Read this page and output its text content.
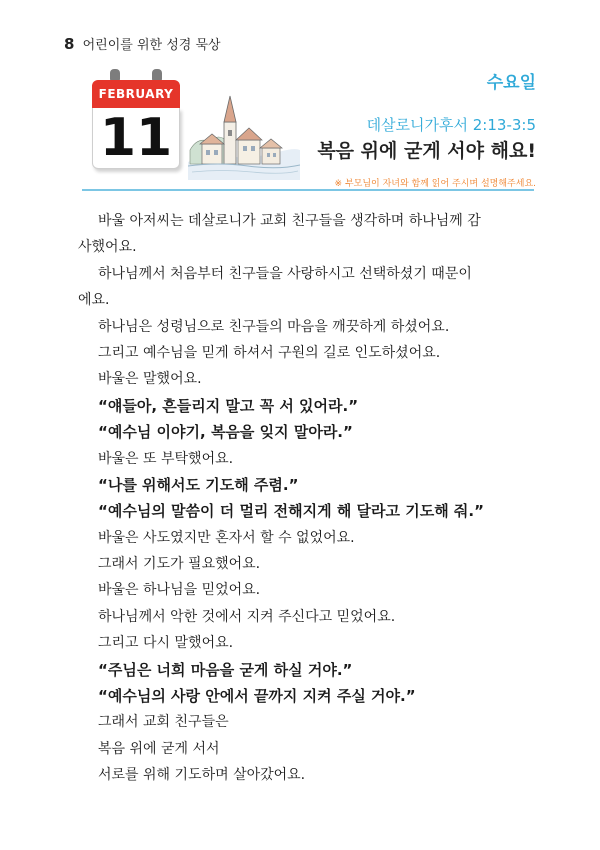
8 어린이를 위한 성경 묵상
수요일
FEBRUARY
11	데살로니가후서 2:13-3:5
복음 위에 굳게 서야 해요!
※ 부모님이 자녀와 함께 읽어 주시며 설명해주세요.
바울 아저씨는 데살로니가 교회 친구들을 생각하며 하나님께 감
사했어요.
하나님께서 처음부터 친구들을 사랑하시고 선택하셨기 때문이
에요.
하나님은 성령님으로 친구들의 마음을 깨끗하게 하셨어요.
그리고 예수님을 믿게 하셔서 구원의 길로 인도하셨어요.
바울은 말했어요.
“얘들아, 흔들리지 말고 꼭 서 있어라.”
“예수님 이야기, 복음을 잊지 말아라.”
바울은 또 부탁했어요.
“나를 위해서도 기도해 주렴.”
“예수님의 말씀이 더 멀리 전해지게 해 달라고 기도해 줘.”
바울은 사도였지만 혼자서 할 수 없었어요.
그래서 기도가 필요했어요.
바울은 하나님을 믿었어요.
하나님께서 악한 것에서 지켜 주신다고 믿었어요.
그리고 다시 말했어요.
“주님은 너희 마음을 굳게 하실 거야.”
“예수님의 사랑 안에서 끝까지 지켜 주실 거야.”
그래서 교회 친구들은
복음 위에 굳게 서서
서로를 위해 기도하며 살아갔어요.
